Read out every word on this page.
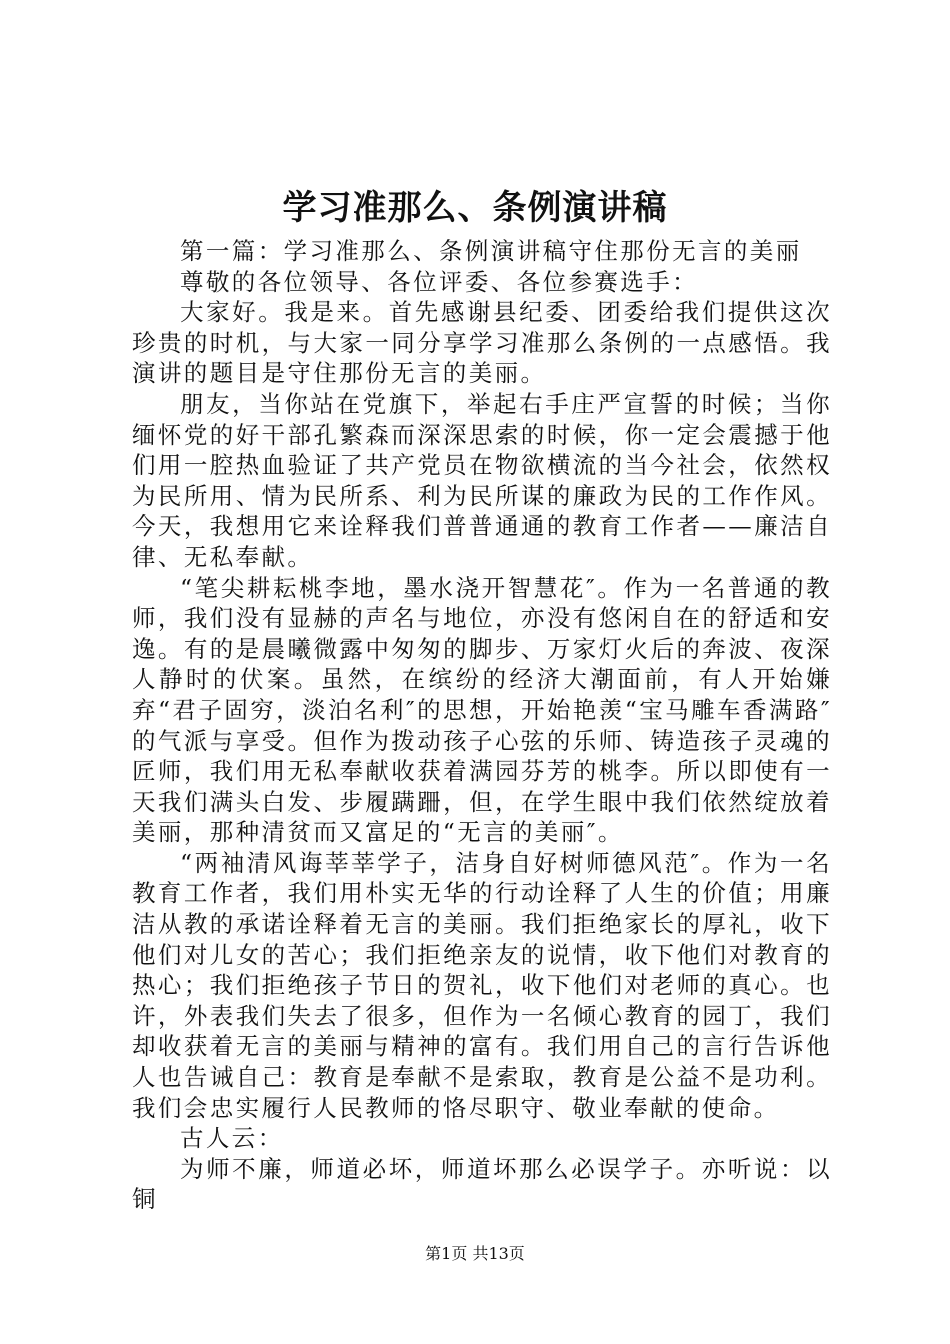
学习准那么、条例演讲稿

第一篇：学习准那么、条例演讲稿守住那份无言的美丽

尊敬的各位领导、各位评委、各位参赛选手：

大家好。我是来。首先感谢县纪委、团委给我们提供这次珍贵的时机，与大家一同分享学习准那么条例的一点感悟。我演讲的题目是守住那份无言的美丽。

朋友，当你站在党旗下，举起右手庄严宣誓的时候；当你缅怀党的好干部孔繁森而深深思索的时候，你一定会震撼于他们用一腔热血验证了共产党员在物欲横流的当今社会，依然权为民所用、情为民所系、利为民所谋的廉政为民的工作作风。今天，我想用它来诠释我们普普通通的教育工作者——廉洁自律、无私奉献。

“笔尖耕耘桃李地，墨水浇开智慧花″。作为一名普通的教师，我们没有显赫的声名与地位，亦没有悠闲自在的舒适和安逸。有的是晨曦微露中匆匆的脚步、万家灯火后的奔波、夜深人静时的伏案。虽然，在缤纷的经济大潮面前，有人开始嫌弃“君子固穷，淡泊名利″的思想，开始艳羡“宝马雕车香满路″的气派与享受。但作为拨动孩子心弦的乐师、铸造孩子灵魂的匠师，我们用无私奉献收获着满园芬芳的桃李。所以即使有一天我们满头白发、步履蹒跚，但，在学生眼中我们依然绽放着美丽，那种清贫而又富足的“无言的美丽″。

“两袖清风诲莘莘学子，洁身自好树师德风范″。作为一名教育工作者，我们用朴实无华的行动诠释了人生的价值；用廉洁从教的承诺诠释着无言的美丽。我们拒绝家长的厚礼，收下他们对儿女的苦心；我们拒绝亲友的说情，收下他们对教育的热心；我们拒绝孩子节日的贺礼，收下他们对老师的真心。也许，外表我们失去了很多，但作为一名倾心教育的园丁，我们却收获着无言的美丽与精神的富有。我们用自己的言行告诉他人也告诫自己：教育是奉献不是索取，教育是公益不是功利。我们会忠实履行人民教师的恪尽职守、敬业奉献的使命。

古人云：

为师不廉，师道必坏，师道坏那么必误学子。亦听说：以铜

第1页 共13页
